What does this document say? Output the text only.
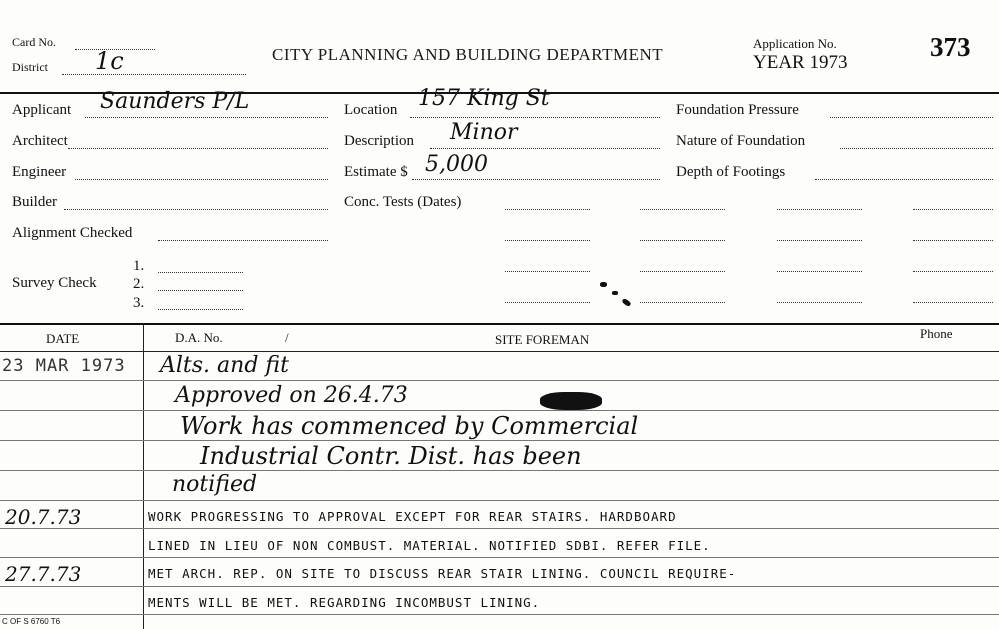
Card No.
District 1c	CITY PLANNING AND BUILDING DEPARTMENT
Application No.
YEAR 1973
373
Applicant Saunders P/L
Architect
Engineer
Builder
Alignment Checked
Survey Check
1.
2.
3.
Location 157 King St
Description Minor
Estimate $ 5,000
Conc. Tests (Dates)
Foundation Pressure
Nature of Foundation
Depth of Footings
DATE	D.A. No.	/	SITE FOREMAN	Phone
23 MAR 1973 Alts. and fit
Approved on 26.4.73
Work has commenced by Commercial
Industrial Contr. Dist. has been
notified
20.7.73	WORK PROGRESSING TO APPROVAL EXCEPT FOR REAR STAIRS. HARDBOARD
LINED IN LIEU OF NON COMBUST. MATERIAL. NOTIFIED SDBI. REFER FILE.
27.7.73	MET ARCH. REP. ON SITE TO DISCUSS REAR STAIR LINING. COUNCIL REQUIRE-
MENTS WILL BE MET. REGARDING INCOMBUST LINING.
C OF S 6760 T6
